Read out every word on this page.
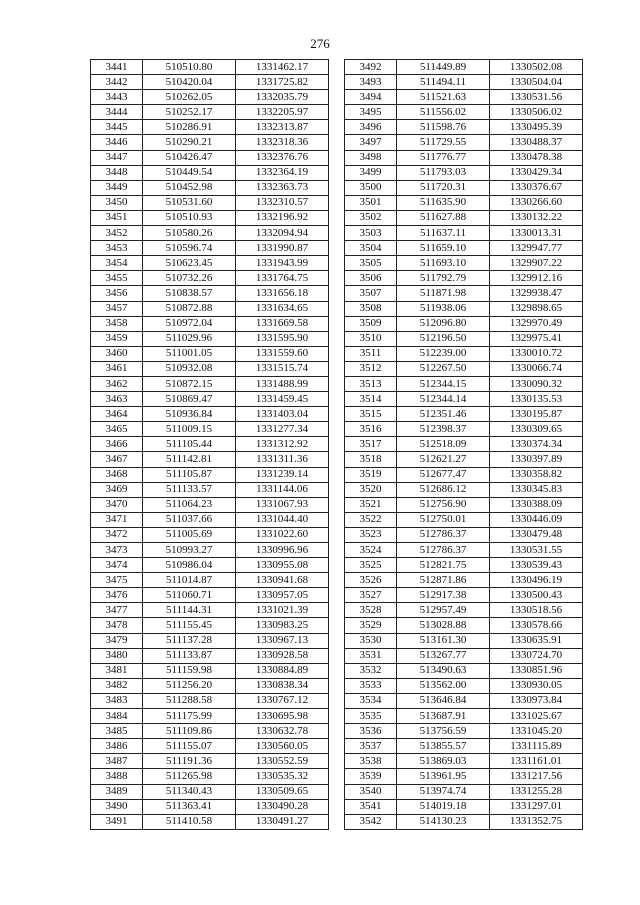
276
3441	510510.80	1331462.17
3442	510420.04	1331725.82
3443	510262.05	1332035.79
3444	510252.17	1332205.97
3445	510286.91	1332313.87
3446	510290.21	1332318.36
3447	510426.47	1332376.76
3448	510449.54	1332364.19
3449	510452.98	1332363.73
3450	510531.60	1332310.57
3451	510510.93	1332196.92
3452	510580.26	1332094.94
3453	510596.74	1331990.87
3454	510623.45	1331943.99
3455	510732.26	1331764.75
3456	510838.57	1331656.18
3457	510872.88	1331634.65
3458	510972.04	1331669.58
3459	511029.96	1331595.90
3460	511001.05	1331559.60
3461	510932.08	1331515.74
3462	510872.15	1331488.99
3463	510869.47	1331459.45
3464	510936.84	1331403.04
3465	511009.15	1331277.34
3466	511105.44	1331312.92
3467	511142.81	1331311.36
3468	511105.87	1331239.14
3469	511133.57	1331144.06
3470	511064.23	1331067.93
3471	511037.66	1331044.40
3472	511005.69	1331022.60
3473	510993.27	1330996.96
3474	510986.04	1330955.08
3475	511014.87	1330941.68
3476	511060.71	1330957.05
3477	511144.31	1331021.39
3478	511155.45	1330983.25
3479	511137.28	1330967.13
3480	511133.87	1330928.58
3481	511159.98	1330884.89
3482	511256.20	1330838.34
3483	511288.58	1330767.12
3484	511175.99	1330695.98
3485	511109.86	1330632.78
3486	511155.07	1330560.05
3487	511191.36	1330552.59
3488	511265.98	1330535.32
3489	511340.43	1330509.65
3490	511363.41	1330490.28
3491	511410.58	1330491.27
3492	511449.89	1330502.08
3493	511494.11	1330504.04
3494	511521.63	1330531.56
3495	511556.02	1330506.02
3496	511598.76	1330495.39
3497	511729.55	1330488.37
3498	511776.77	1330478.38
3499	511793.03	1330429.34
3500	511720.31	1330376.67
3501	511635.90	1330266.60
3502	511627.88	1330132.22
3503	511637.11	1330013.31
3504	511659.10	1329947.77
3505	511693.10	1329907.22
3506	511792.79	1329912.16
3507	511871.98	1329938.47
3508	511938.06	1329898.65
3509	512096.80	1329970.49
3510	512196.50	1329975.41
3511	512239.00	1330010.72
3512	512267.50	1330066.74
3513	512344.15	1330090.32
3514	512344.14	1330135.53
3515	512351.46	1330195.87
3516	512398.37	1330309.65
3517	512518.09	1330374.34
3518	512621.27	1330397.89
3519	512677.47	1330358.82
3520	512686.12	1330345.83
3521	512756.90	1330388.09
3522	512750.01	1330446.09
3523	512786.37	1330479.48
3524	512786.37	1330531.55
3525	512821.75	1330539.43
3526	512871.86	1330496.19
3527	512917.38	1330500.43
3528	512957.49	1330518.56
3529	513028.88	1330578.66
3530	513161.30	1330635.91
3531	513267.77	1330724.70
3532	513490.63	1330851.96
3533	513562.00	1330930.05
3534	513646.84	1330973.84
3535	513687.91	1331025.67
3536	513756.59	1331045.20
3537	513855.57	1331115.89
3538	513869.03	1331161.01
3539	513961.95	1331217.56
3540	513974.74	1331255.28
3541	514019.18	1331297.01
3542	514130.23	1331352.75
